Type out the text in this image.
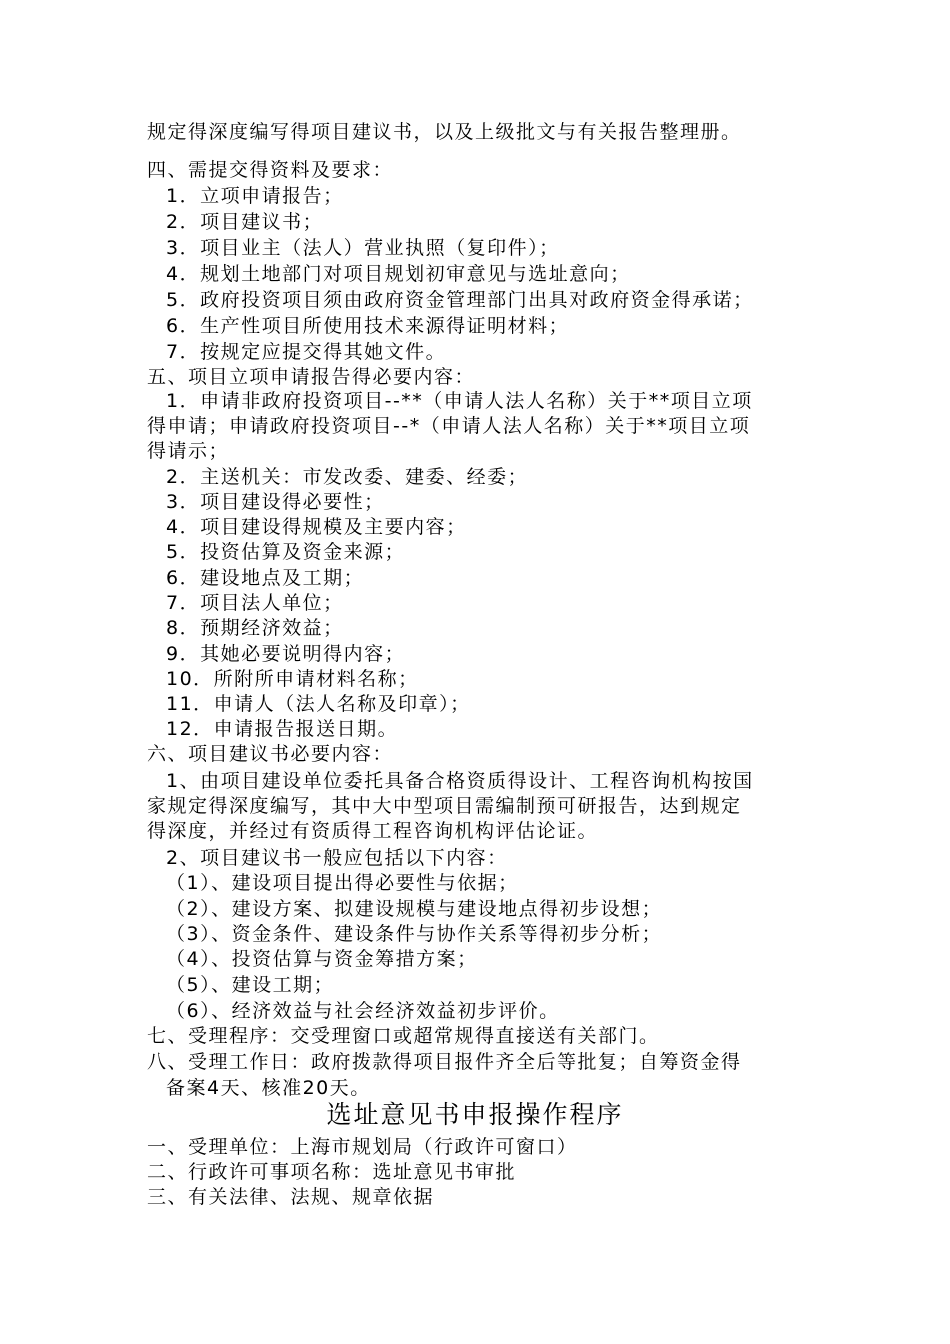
规定得深度编写得项目建议书，以及上级批文与有关报告整理册。
四、需提交得资料及要求：
1．立项申请报告；
2．项目建议书；
3．项目业主（法人）营业执照（复印件）；
4．规划土地部门对项目规划初审意见与选址意向；
5．政府投资项目须由政府资金管理部门出具对政府资金得承诺；
6．生产性项目所使用技术来源得证明材料；
7．按规定应提交得其她文件。
五、项目立项申请报告得必要内容：
1．申请非政府投资项目--**（申请人法人名称）关于**项目立项
得申请；申请政府投资项目--*（申请人法人名称）关于**项目立项
得请示；
2．主送机关：市发改委、建委、经委；
3．项目建设得必要性；
4．项目建设得规模及主要内容；
5．投资估算及资金来源；
6．建设地点及工期；
7．项目法人单位；
8．预期经济效益；
9．其她必要说明得内容；
10．所附所申请材料名称；
11．申请人（法人名称及印章）；
12．申请报告报送日期。
六、项目建议书必要内容：
1、由项目建设单位委托具备合格资质得设计、工程咨询机构按国
家规定得深度编写，其中大中型项目需编制预可研报告，达到规定
得深度，并经过有资质得工程咨询机构评估论证。
2、项目建议书一般应包括以下内容：
（1）、建设项目提出得必要性与依据；
（2）、建设方案、拟建设规模与建设地点得初步设想；
（3）、资金条件、建设条件与协作关系等得初步分析；
（4）、投资估算与资金筹措方案；
（5）、建设工期；
（6）、经济效益与社会经济效益初步评价。
七、受理程序：交受理窗口或超常规得直接送有关部门。
八、受理工作日：政府拨款得项目报件齐全后等批复；自筹资金得
备案4天、核准20天。
选址意见书申报操作程序
一、受理单位：上海市规划局（行政许可窗口）
二、行政许可事项名称：选址意见书审批
三、有关法律、法规、规章依据
